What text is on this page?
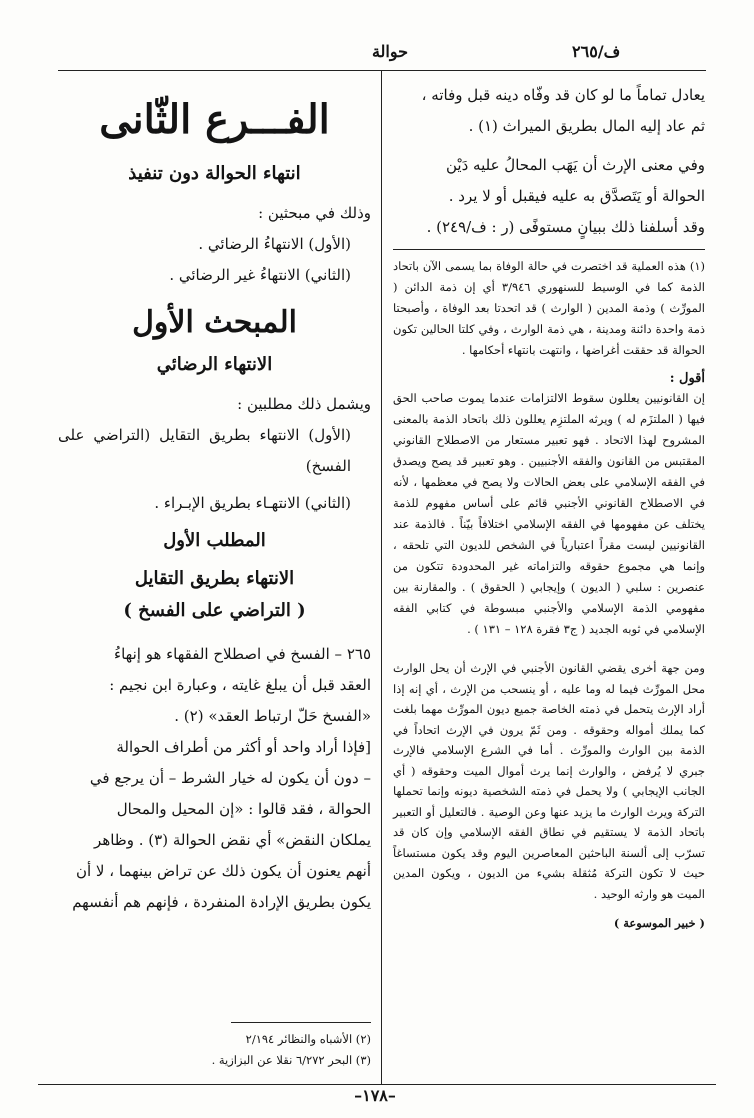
ف/٢٦٥
حوالة

يعادل تماماً ما لو كان قد وفّاه دينه قبل وفاته ،

ثم عاد إليه المال بطريق الميراث (١) .

وفي معنى الإرث أن يَهَب المحالُ عليه دَيْن

الحوالة أو يَتَصدَّق به عليه فيقبل أو لا يرد .

وقد أسلفنا ذلك ببيانٍ مستوفًى (ر : ف/٢٤٩) .

(١) هذه العملية قد اختصرت في حالة الوفاة بما يسمى الآن باتحاد الذمة كما في الوسيط للسنهوري ٣/٩٤٦ أي إن ذمة الدائن ( المورِّث ) وذمة المدين ( الوارث ) قد اتحدتا بعد الوفاة ، وأصبحتا ذمة واحدة دائنة ومدينة ، هي ذمة الوارث ، وفي كلتا الحالين تكون الحوالة قد حققت أغراضها ، وانتهت بانتهاء أحكامها .

أقول :

إن القانونيين يعللون سقوط الالتزامات عندما يموت صاحب الحق فيها ( الملتزَم له ) ويرثه الملتزِم يعللون ذلك باتحاد الذمة بالمعنى المشروح لهذا الاتحاد . فهو تعبير مستعار من الاصطلاح القانوني المقتبس من القانون والفقه الأجنبيين . وهو تعبير قد يصح ويصدق في الفقه الإسلامي على بعض الحالات ولا يصح في معظمها ، لأنه في الاصطلاح القانوني الأجنبي قائم على أساس مفهوم للذمة يختلف عن مفهومها في الفقه الإسلامي اختلافاً بيّناً . فالذمة عند القانونيين ليست مقراً اعتبارياً في الشخص للديون التي تلحقه ، وإنما هي مجموع حقوقه والتزاماته غير المحدودة تتكون من عنصرين : سلبي ( الديون ) وإيجابي ( الحقوق ) . والمقارنة بين مفهومي الذمة الإسلامي والأجنبي مبسوطة في كتابي الفقه الإسلامي في ثوبه الجديد ( ج٣ فقرة ١٢٨ – ١٣١ ) .

ومن جهة أخرى يقضي القانون الأجنبي في الإرث أن يحل الوارث محل المورِّث فيما له وما عليه ، أو ينسحب من الإرث ، أي إنه إذا أراد الإرث يتحمل في ذمته الخاصة جميع ديون المورِّث مهما بلغت كما يملك أمواله وحقوقه . ومن ثَمّ يرون في الإرث اتحاداً في الذمة بين الوارث والمورِّث . أما في الشرع الإسلامي فالإرث جبري لا يُرفض ، والوارث إنما يرث أموال الميت وحقوقه ( أي الجانب الإيجابي ) ولا يحمل في ذمته الشخصية ديونه وإنما تحملها التركة ويرث الوارث ما يزيد عنها وعن الوصية . فالتعليل أو التعبير باتحاد الذمة لا يستقيم في نطاق الفقه الإسلامي وإن كان قد تسرّب إلى ألسنة الباحثين المعاصرين اليوم وقد يكون مستساغاً حيث لا تكون التركة مُثقلة بشيء من الديون ، ويكون المدين الميت هو وارثه الوحيد .

( خبير الموسوعة )

الفـــرع الثّانى

انتهاء الحوالة دون تنفيذ

وذلك في مبحثين :

(الأول) الانتهاءُ الرضائي .

(الثاني) الانتهاءُ غير الرضائي .

المبحث الأول

الانتهاء الرضائي

ويشمل ذلك مطلبين :

(الأول) الانتهاء بطريق التقايل (التراضي على الفسخ)

(الثاني) الانتهـاء بطريق الإبـراء .

المطلب الأول

الانتهاء بطريق التقايل

( التراضي على الفسخ )

٢٦٥ – الفسخ في اصطلاح الفقهاء هو إنهاءُ

العقد قبل أن يبلغ غايته ، وعبارة ابن نجيم :

«الفسخ حَلّ ارتباط العقد» (٢) .

[فإذا أراد واحد أو أكثر من أطراف الحوالة

– دون أن يكون له خيار الشرط – أن يرجع في

الحوالة ، فقد قالوا : «إن المحيل والمحال

يملكان النقض» أي نقض الحوالة (٣) . وظاهر

أنهم يعنون أن يكون ذلك عن تراض بينهما ، لا أن

يكون بطريق الإرادة المنفردة ، فإنهم هم أنفسهم

(٢) الأشباه والنظائر ٢/١٩٤

(٣) البحر ٦/٢٧٢ نقلا عن البزازية .

–١٧٨–
